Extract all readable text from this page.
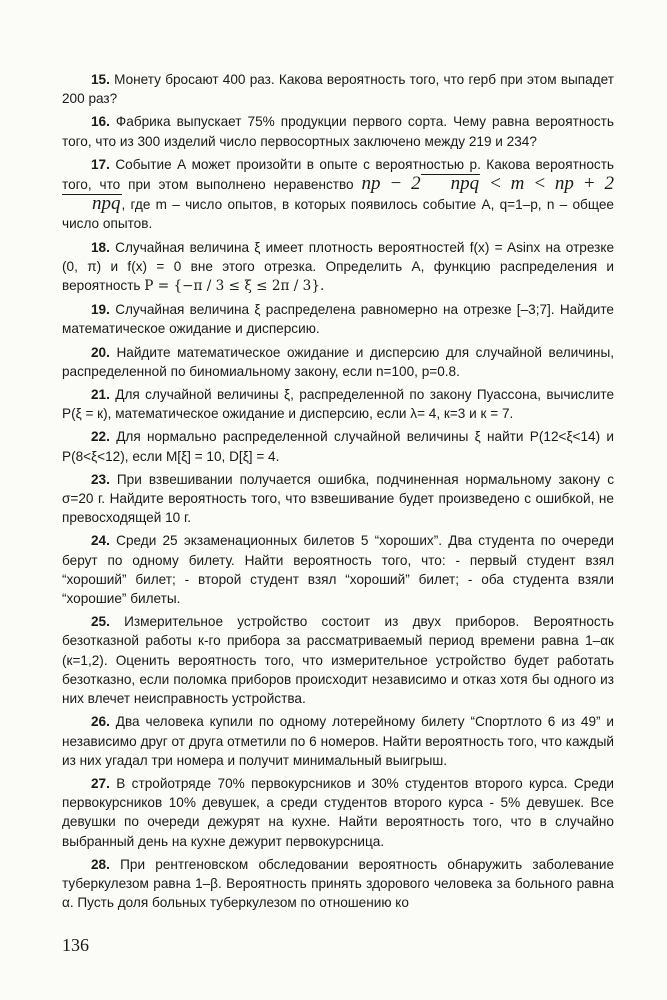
15. Монету бросают 400 раз. Какова вероятность того, что герб при этом выпадет 200 раз?

16. Фабрика выпускает 75% продукции первого сорта. Чему равна вероятность того, что из 300 изделий число первосортных заключено между 219 и 234?

17. Событие А может произойти в опыте с вероятностью p. Какова вероятность того, что при этом выполнено неравенство np − 2 npq < m < np + 2npq, где m – число опытов, в которых появилось событие А, q=1–p, n – общее число опытов.

18. Случайная величина ξ имеет плотность вероятностей f(x) = Asinx на отрезке (0, π) и f(x) = 0 вне этого отрезка. Определить А, функцию распределения и вероятность P = {−π / 3 ≤ ξ ≤ 2π / 3}.

19. Случайная величина ξ распределена равномерно на отрезке [–3;7]. Найдите математическое ожидание и дисперсию.

20. Найдите математическое ожидание и дисперсию для случайной величины, распределенной по биномиальному закону, если n=100, p=0.8.

21. Для случайной величины ξ, распределенной по закону Пуассона, вычислите P(ξ = к), математическое ожидание и дисперсию, если λ= 4, к=3 и к = 7.

22. Для нормально распределенной случайной величины ξ найти P(12<ξ<14) и P(8<ξ<12), если M[ξ] = 10, D[ξ] = 4.

23. При взвешивании получается ошибка, подчиненная нормальному закону с σ=20 г. Найдите вероятность того, что взвешивание будет произведено с ошибкой, не превосходящей 10 г.

24. Среди 25 экзаменационных билетов 5 “хороших”. Два студента по очереди берут по одному билету. Найти вероятность того, что: - первый студент взял “хороший” билет; - второй студент взял “хороший” билет; - оба студента взяли “хорошие” билеты.

25. Измерительное устройство состоит из двух приборов. Вероятность безотказной работы к-го прибора за рассматриваемый период времени равна 1–αк (к=1,2). Оценить вероятность того, что измерительное устройство будет работать безотказно, если поломка приборов происходит независимо и отказ хотя бы одного из них влечет неисправность устройства.

26. Два человека купили по одному лотерейному билету “Спортлото 6 из 49” и независимо друг от друга отметили по 6 номеров. Найти вероятность того, что каждый из них угадал три номера и получит минимальный выигрыш.

27. В стройотряде 70% первокурсников и 30% студентов второго курса. Среди первокурсников 10% девушек, а среди студентов второго курса - 5% девушек. Все девушки по очереди дежурят на кухне. Найти вероятность того, что в случайно выбранный день на кухне дежурит первокурсница.

28. При рентгеновском обследовании вероятность обнаружить заболевание туберкулезом равна 1–β. Вероятность принять здорового человека за больного равна α. Пусть доля больных туберкулезом по отношению ко

136
